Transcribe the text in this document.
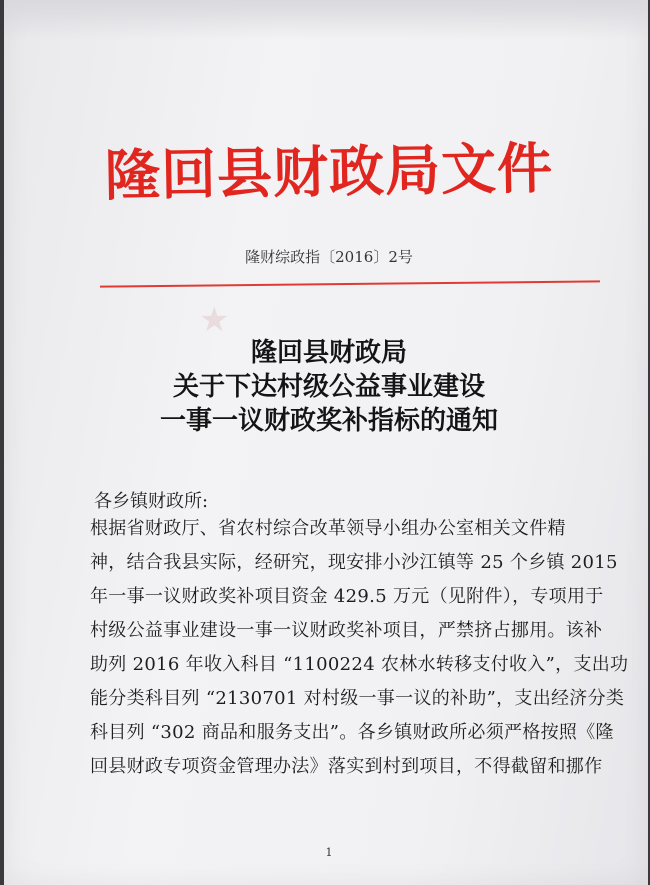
隆回县财政局文件
隆财综政指〔2016〕2号
★
隆回县财政局
关于下达村级公益事业建设
一事一议财政奖补指标的通知
各乡镇财政所:
根据省财政厅、省农村综合改革领导小组办公室相关文件精
神，结合我县实际，经研究，现安排小沙江镇等 25 个乡镇 2015
年一事一议财政奖补项目资金 429.5 万元（见附件），专项用于
村级公益事业建设一事一议财政奖补项目，严禁挤占挪用。该补
助列 2016 年收入科目 “1100224 农林水转移支付收入”，支出功
能分类科目列 “2130701 对村级一事一议的补助”，支出经济分类
科目列 “302 商品和服务支出”。各乡镇财政所必须严格按照《隆
回县财政专项资金管理办法》落实到村到项目，不得截留和挪作
1
